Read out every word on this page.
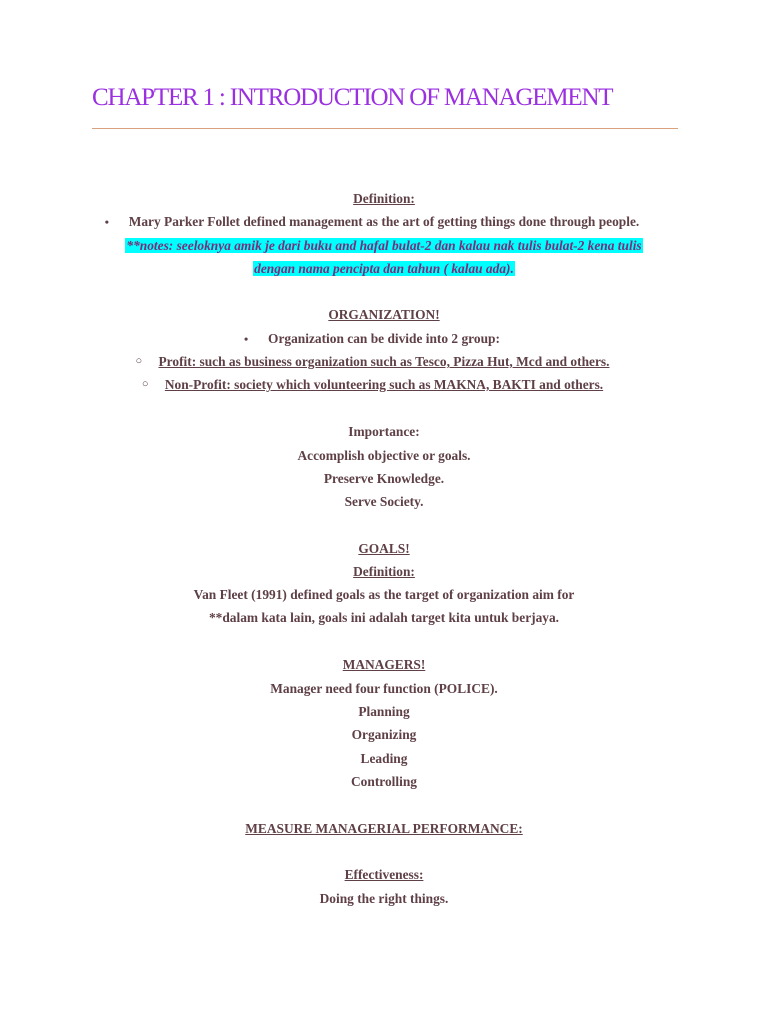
CHAPTER 1 : INTRODUCTION OF MANAGEMENT
Definition:
• Mary Parker Follet defined management as the art of getting things done through people.
**notes: seeloknya amik je dari buku and hafal bulat-2 dan kalau nak tulis bulat-2 kena tulis
dengan nama pencipta dan tahun ( kalau ada).
ORGANIZATION!
• Organization can be divide into 2 group:
○ Profit: such as business organization such as Tesco, Pizza Hut, Mcd and others.
○ Non-Profit: society which volunteering such as MAKNA, BAKTI and others.
Importance:
Accomplish objective or goals.
Preserve Knowledge.
Serve Society.
GOALS!
Definition:
Van Fleet (1991) defined goals as the target of organization aim for
**dalam kata lain, goals ini adalah target kita untuk berjaya.
MANAGERS!
Manager need four function (POLICE).
Planning
Organizing
Leading
Controlling
MEASURE MANAGERIAL PERFORMANCE:
Effectiveness:
Doing the right things.
